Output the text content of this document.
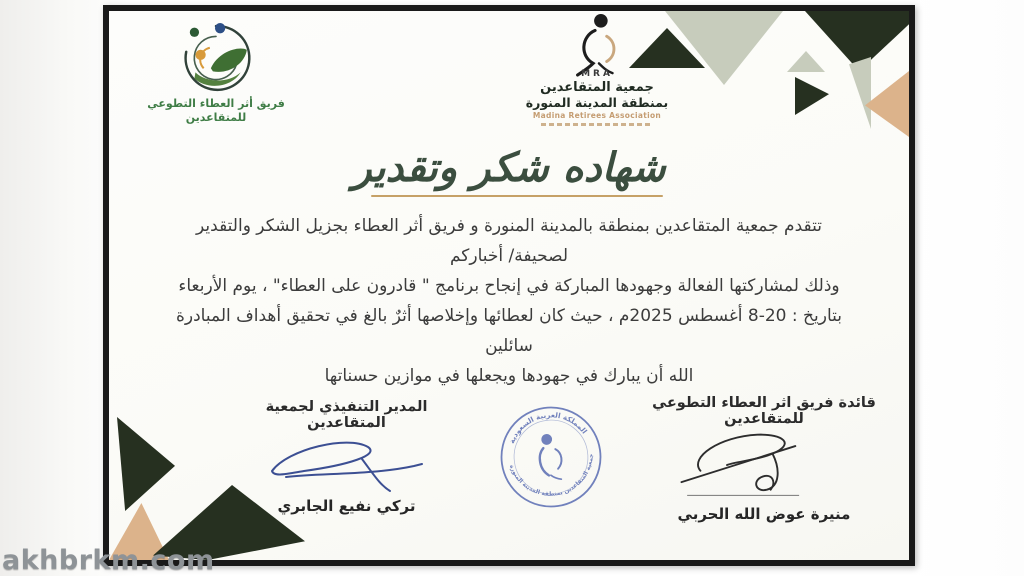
فريق أثر العطاء التطوعي
للمتقاعدين
MRA
جمعية المتقاعدين
بمنطقة المدينة المنورة
Madina Retirees Association
شهاده شكر وتقدير
تتقدم جمعية المتقاعدين بمنطقة بالمدينة المنورة و فريق أثر العطاء بجزيل الشكر والتقدير
لصحيفة/ أخباركم
وذلك لمشاركتها الفعالة وجهودها المباركة في إنجاح برنامج " قادرون على العطاء" ، يوم الأربعاء
بتاريخ : 20-8 أغسطس 2025م ، حيث كان لعطائها وإخلاصها أثرٌ بالغ في تحقيق أهداف المبادرة سائلين
الله أن يبارك في جهودها ويجعلها في موازين حسناتها
المدير التنفيذي لجمعية المتقاعدين
تركي نفيع الجابري
قائدة فريق اثر العطاء التطوعي للمتقاعدين
منيرة عوض الله الحربي
المملكة العربية السعودية
جمعية المتقاعدين بمنطقة المدينة المنورة
akhbrkm.com
